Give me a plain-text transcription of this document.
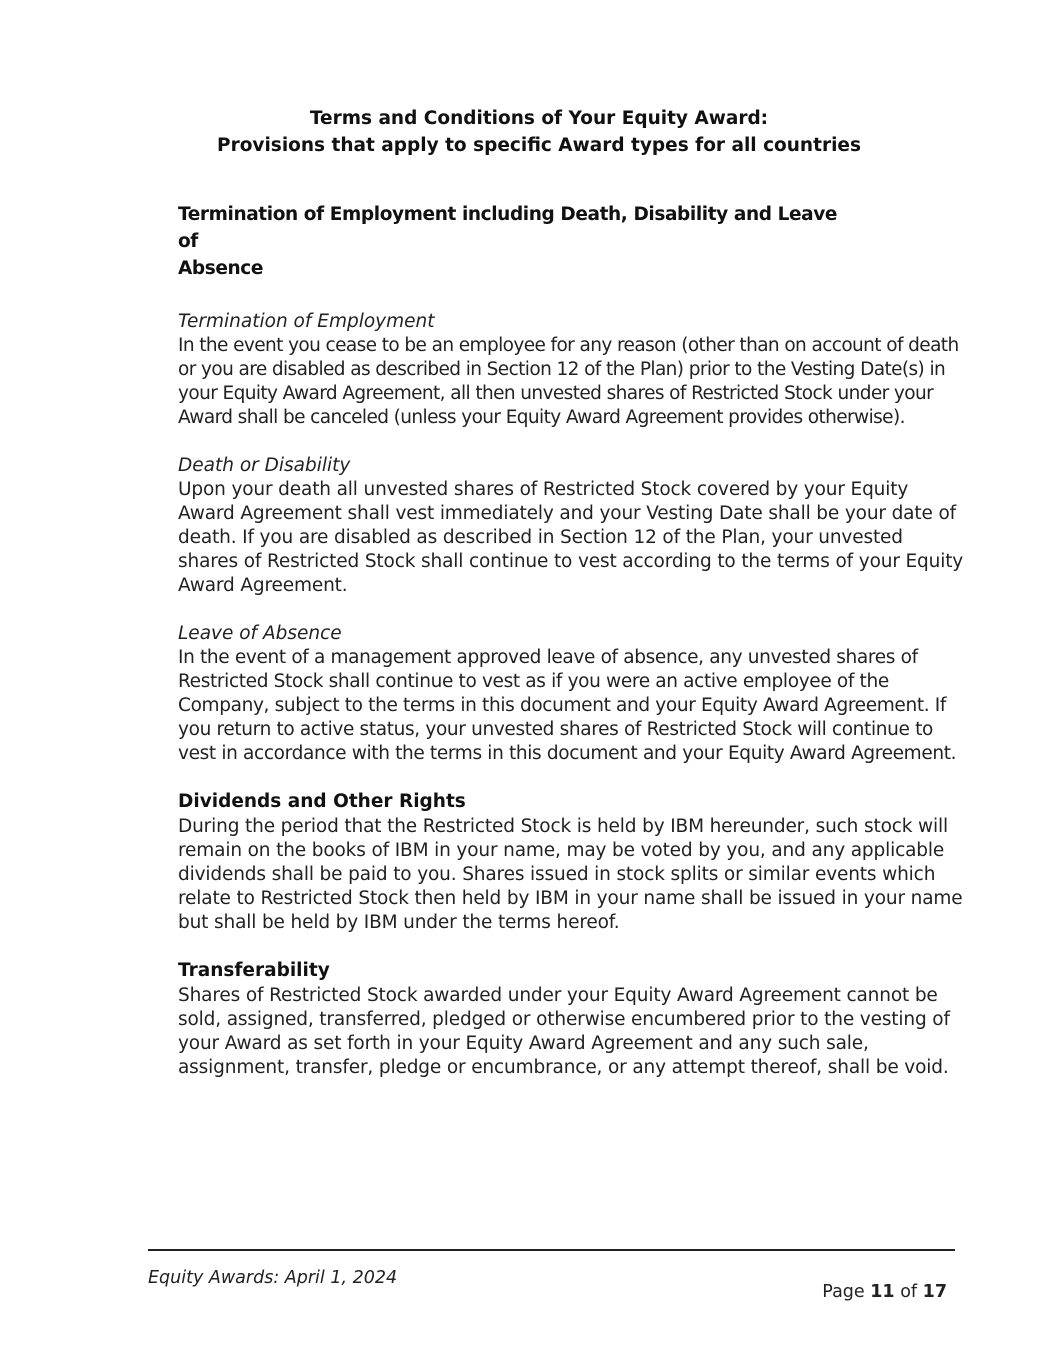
Terms and Conditions of Your Equity Award:
Provisions that apply to specific Award types for all countries

Termination of Employment including Death, Disability and Leave of
Absence

Termination of Employment

In the event you cease to be an employee for any reason (other than on account of death or you are disabled as described in Section 12 of the Plan) prior to the Vesting Date(s) in your Equity Award Agreement, all then unvested shares of Restricted Stock under your Award shall be canceled (unless your Equity Award Agreement provides otherwise).

Death or Disability

Upon your death all unvested shares of Restricted Stock covered by your Equity Award Agreement shall vest immediately and your Vesting Date shall be your date of death. If you are disabled as described in Section 12 of the Plan, your unvested shares of Restricted Stock shall continue to vest according to the terms of your Equity Award Agreement.

Leave of Absence

In the event of a management approved leave of absence, any unvested shares of Restricted Stock shall continue to vest as if you were an active employee of the Company, subject to the terms in this document and your Equity Award Agreement. If you return to active status, your unvested shares of Restricted Stock will continue to vest in accordance with the terms in this document and your Equity Award Agreement.

Dividends and Other Rights

During the period that the Restricted Stock is held by IBM hereunder, such stock will remain on the books of IBM in your name, may be voted by you, and any applicable dividends shall be paid to you. Shares issued in stock splits or similar events which relate to Restricted Stock then held by IBM in your name shall be issued in your name but shall be held by IBM under the terms hereof.

Transferability

Shares of Restricted Stock awarded under your Equity Award Agreement cannot be sold, assigned, transferred, pledged or otherwise encumbered prior to the vesting of your Award as set forth in your Equity Award Agreement and any such sale, assignment, transfer, pledge or encumbrance, or any attempt thereof, shall be void.

Equity Awards: April 1, 2024
Page 11 of 17
